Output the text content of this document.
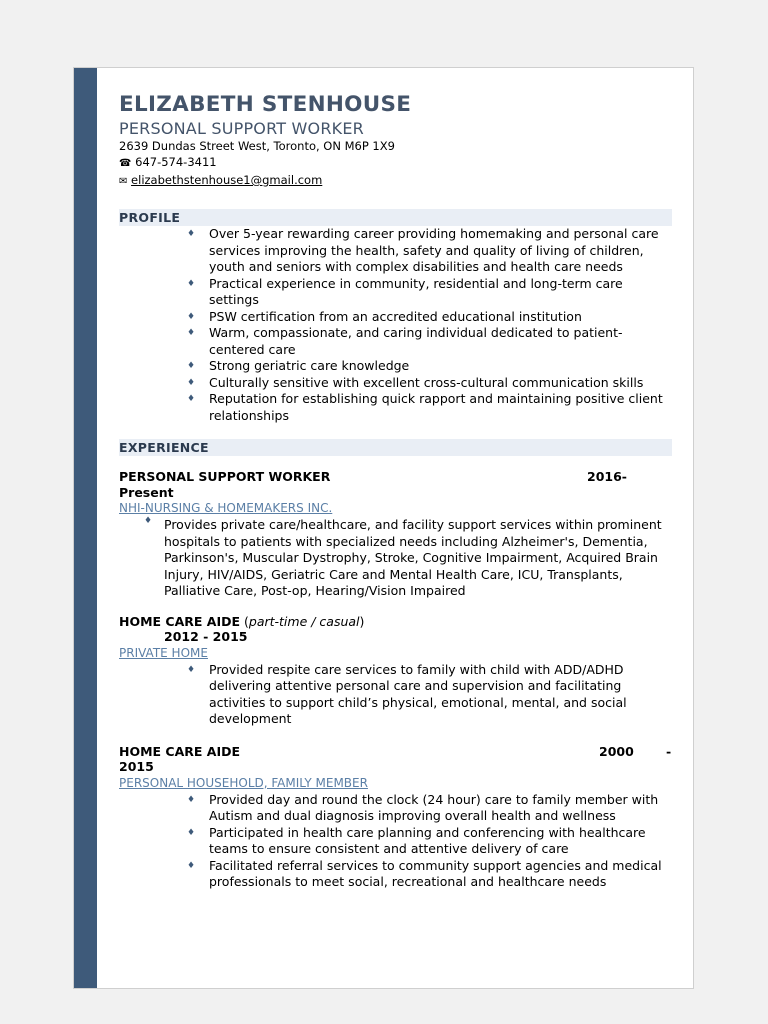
ELIZABETH STENHOUSE

PERSONAL SUPPORT WORKER

2639 Dundas Street West, Toronto, ON M6P 1X9
☎ 647-574-3411
✉ elizabethstenhouse1@gmail.com
PROFILE
♦ Over 5-year rewarding career providing homemaking and personal care services improving the health, safety and quality of living of children, youth and seniors with complex disabilities and health care needs
♦ Practical experience in community, residential and long-term care settings
♦ PSW certification from an accredited educational institution
♦ Warm, compassionate, and caring individual dedicated to patient-centered care
♦ Strong geriatric care knowledge
♦ Culturally sensitive with excellent cross-cultural communication skills
♦ Reputation for establishing quick rapport and maintaining positive client relationships
EXPERIENCE
PERSONAL SUPPORT WORKER	2016-
Present
NHI-NURSING & HOMEMAKERS INC.
♦ Provides private care/healthcare, and facility support services within prominent hospitals to patients with specialized needs including Alzheimer's, Dementia, Parkinson's, Muscular Dystrophy, Stroke, Cognitive Impairment, Acquired Brain Injury, HIV/AIDS, Geriatric Care and Mental Health Care, ICU, Transplants, Palliative Care, Post-op, Hearing/Vision Impaired
HOME CARE AIDE (part-time / casual)
2012 - 2015
PRIVATE HOME
♦ Provided respite care services to family with child with ADD/ADHD delivering attentive personal care and supervision and facilitating activities to support child’s physical, emotional, mental, and social development
HOME CARE AIDE	2000	-
2015
PERSONAL HOUSEHOLD, FAMILY MEMBER
♦ Provided day and round the clock (24 hour) care to family member with Autism and dual diagnosis improving overall health and wellness
♦ Participated in health care planning and conferencing with healthcare teams to ensure consistent and attentive delivery of care
♦ Facilitated referral services to community support agencies and medical professionals to meet social, recreational and healthcare needs
